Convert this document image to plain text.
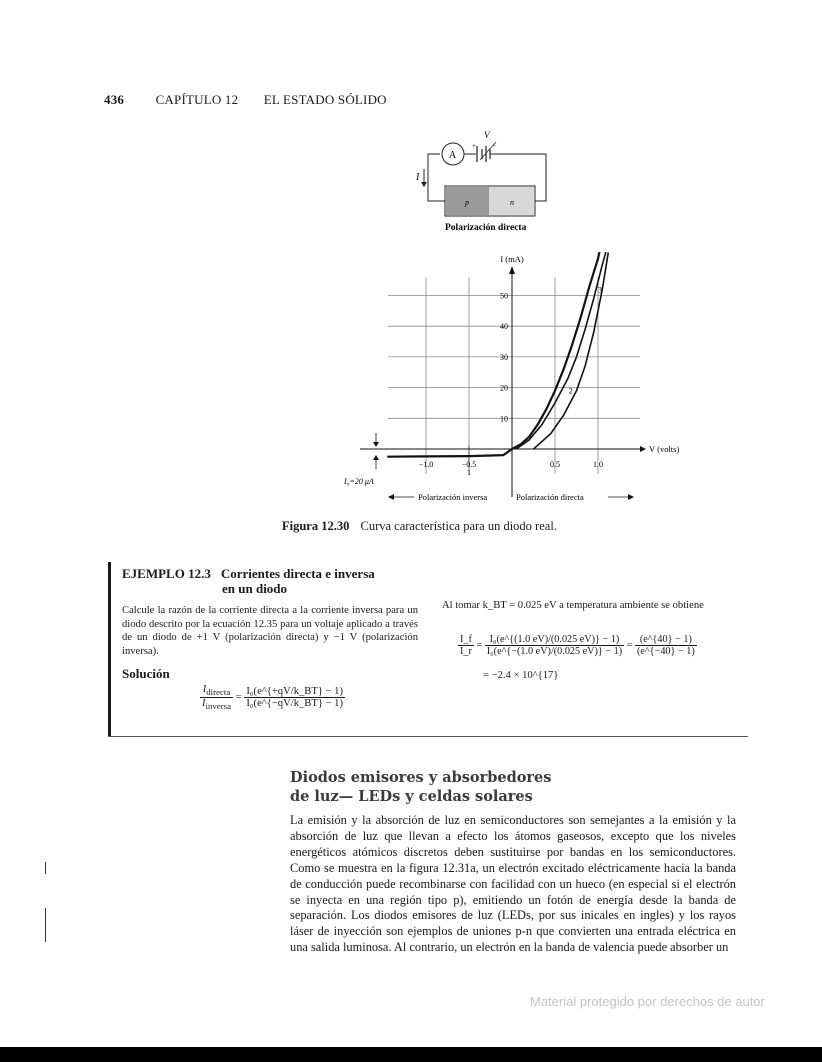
436 CAPÍTULO 12 EL ESTADO SÓLIDO
p	n
A
V
+ −
I
Polarización directa
10
20
30
40
50
−1.0	−0.5	0.5	1.0
I (mA)
V (volts)
1
2
3
I₀=20 μA
Polarización inversa	Polarización directa
Figura 12.30 Curva característica para un diodo real.
EJEMPLO 12.3 Corrientes directa e inversa
en un diodo
Calcule la razón de la corriente directa a la corriente inversa para un diodo descrito por la ecuación 12.35 para un voltaje aplicado a través de un diodo de +1 V (polarización directa) y −1 V (polarización inversa).
Solución
$\frac{I_{directa}}{I_{inversa}} = \frac{\text{I₀(e\textasciicircum{}\{+qV/k\_BT\} − 1)}}{\text{I₀(e\textasciicircum{}\{−qV/k\_BT\} − 1)}}$
Al tomar k_BT = 0.025 eV a temperatura ambiente se obtiene
$\frac{I\_f}{I\_r} = \frac{\text{I₀(e\textasciicircum{}\{(1.0 eV)/(0.025 eV)\} − 1)}}{\text{I₀(e\textasciicircum{}\{−(1.0 eV)/(0.025 eV)\} − 1)}} = \frac{(e\^{}\{40\} - 1)}{(e\^{}\{-40\} - 1)}$
= −2.4 × 10^{17}
Diodos emisores y absorbedores
de luz— LEDs y celdas solares
La emisión y la absorción de luz en semiconductores son semejantes a la emisión y la absorción de luz que llevan a efecto los átomos gaseosos, excepto que los niveles energéticos atómicos discretos deben sustituirse por bandas en los semiconductores. Como se muestra en la figura 12.31a, un electrón excitado eléctricamente hacia la banda de conducción puede recombinarse con facilidad con un hueco (en especial si el electrón se inyecta en una región tipo p), emitiendo un fotón de energía desde la banda de separación. Los diodos emisores de luz (LEDs, por sus inicales en ingles) y los rayos láser de inyección son ejemplos de uniones p-n que convierten una entrada eléctrica en una salida luminosa. Al contrario, un electrón en la banda de valencia puede absorber un
Material protegido por derechos de autor
